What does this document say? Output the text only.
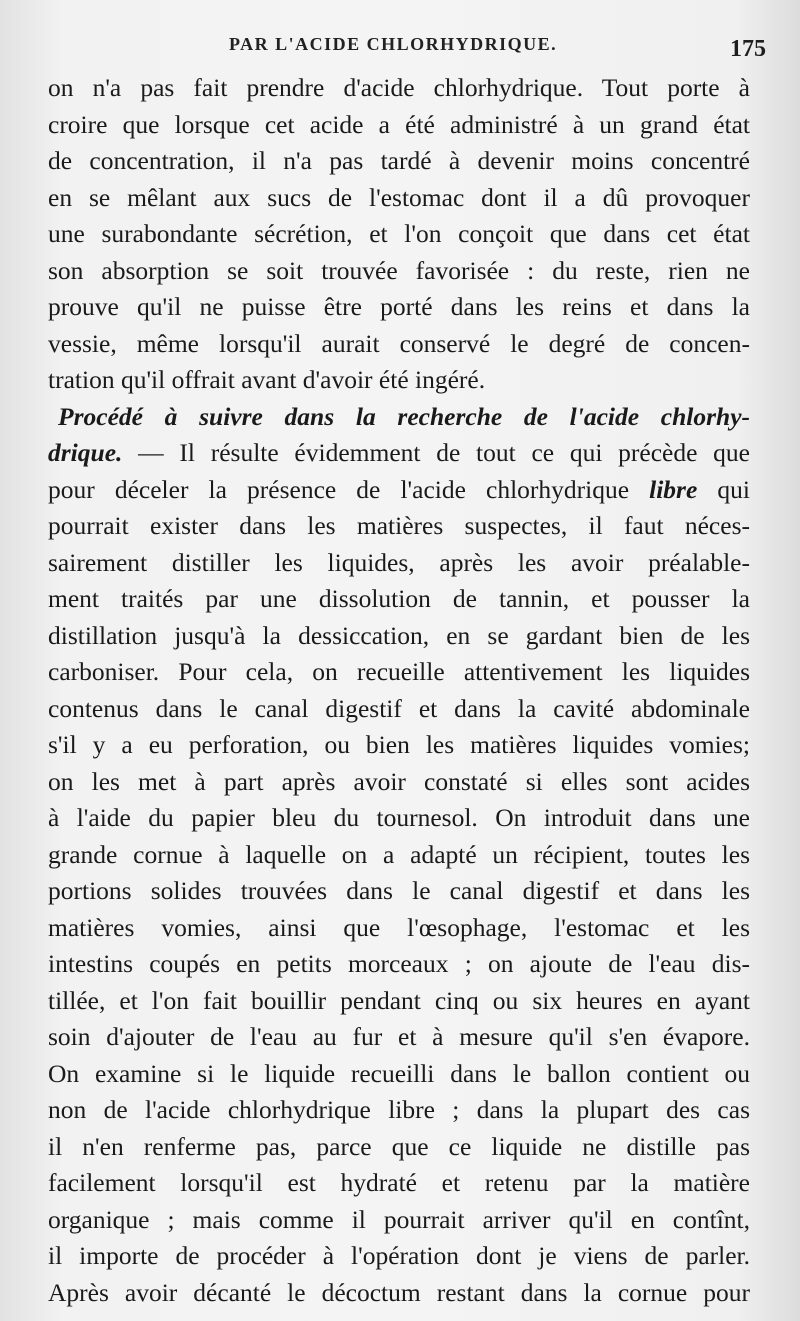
PAR L'ACIDE CHLORHYDRIQUE.	175
on n'a pas fait prendre d'acide chlorhydrique. Tout porte à
croire que lorsque cet acide a été administré à un grand état
de concentration, il n'a pas tardé à devenir moins concentré
en se mêlant aux sucs de l'estomac dont il a dû provoquer
une surabondante sécrétion, et l'on conçoit que dans cet état
son absorption se soit trouvée favorisée : du reste, rien ne
prouve qu'il ne puisse être porté dans les reins et dans la
vessie, même lorsqu'il aurait conservé le degré de concen-
tration qu'il offrait avant d'avoir été ingéré.
Procédé à suivre dans la recherche de l'acide chlorhy-
drique. — Il résulte évidemment de tout ce qui précède que
pour déceler la présence de l'acide chlorhydrique libre qui
pourrait exister dans les matières suspectes, il faut néces-
sairement distiller les liquides, après les avoir préalable-
ment traités par une dissolution de tannin, et pousser la
distillation jusqu'à la dessiccation, en se gardant bien de les
carboniser. Pour cela, on recueille attentivement les liquides
contenus dans le canal digestif et dans la cavité abdominale
s'il y a eu perforation, ou bien les matières liquides vomies;
on les met à part après avoir constaté si elles sont acides
à l'aide du papier bleu du tournesol. On introduit dans une
grande cornue à laquelle on a adapté un récipient, toutes les
portions solides trouvées dans le canal digestif et dans les
matières vomies, ainsi que l'œsophage, l'estomac et les
intestins coupés en petits morceaux ; on ajoute de l'eau dis-
tillée, et l'on fait bouillir pendant cinq ou six heures en ayant
soin d'ajouter de l'eau au fur et à mesure qu'il s'en évapore.
On examine si le liquide recueilli dans le ballon contient ou
non de l'acide chlorhydrique libre ; dans la plupart des cas
il n'en renferme pas, parce que ce liquide ne distille pas
facilement lorsqu'il est hydraté et retenu par la matière
organique ; mais comme il pourrait arriver qu'il en contînt,
il importe de procéder à l'opération dont je viens de parler.
Après avoir décanté le décoctum restant dans la cornue pour
